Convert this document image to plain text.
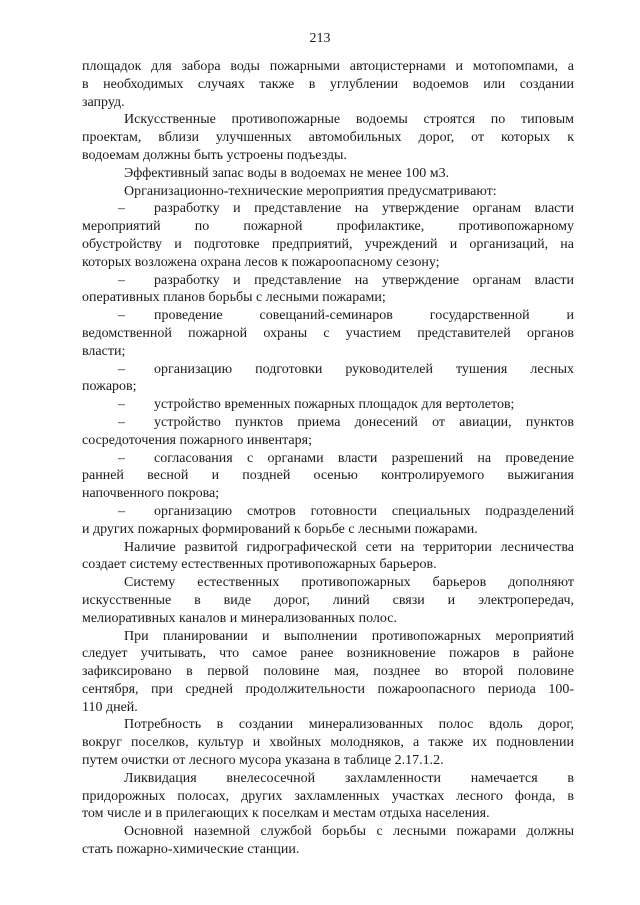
213
площадок для забора воды пожарными автоцистернами и мотопомпами, а
в необходимых случаях также в углублении водоемов или создании
запруд.
Искусственные противопожарные водоемы строятся по типовым
проектам, вблизи улучшенных автомобильных дорог, от которых к
водоемам должны быть устроены подъезды.
Эффективный запас воды в водоемах не менее 100 м3.
Организационно-технические мероприятия предусматривают:
– разработку и представление на утверждение органам власти
мероприятий по пожарной профилактике, противопожарному
обустройству и подготовке предприятий, учреждений и организаций, на
которых возложена охрана лесов к пожароопасному сезону;
– разработку и представление на утверждение органам власти
оперативных планов борьбы с лесными пожарами;
– проведение совещаний-семинаров государственной и
ведомственной пожарной охраны с участием представителей органов
власти;
– организацию подготовки руководителей тушения лесных
пожаров;
– устройство временных пожарных площадок для вертолетов;
– устройство пунктов приема донесений от авиации, пунктов
сосредоточения пожарного инвентаря;
– согласования с органами власти разрешений на проведение
ранней весной и поздней осенью контролируемого выжигания
напочвенного покрова;
– организацию смотров готовности специальных подразделений
и других пожарных формирований к борьбе с лесными пожарами.
Наличие развитой гидрографической сети на территории лесничества
создает систему естественных противопожарных барьеров.
Систему естественных противопожарных барьеров дополняют
искусственные в виде дорог, линий связи и электропередач,
мелиоративных каналов и минерализованных полос.
При планировании и выполнении противопожарных мероприятий
следует учитывать, что самое ранее возникновение пожаров в районе
зафиксировано в первой половине мая, позднее во второй половине
сентября, при средней продолжительности пожароопасного периода 100-
110 дней.
Потребность в создании минерализованных полос вдоль дорог,
вокруг поселков, культур и хвойных молодняков, а также их подновлении
путем очистки от лесного мусора указана в таблице 2.17.1.2.
Ликвидация внелесосечной захламленности намечается в
придорожных полосах, других захламленных участках лесного фонда, в
том числе и в прилегающих к поселкам и местам отдыха населения.
Основной наземной службой борьбы с лесными пожарами должны
стать пожарно-химические станции.
